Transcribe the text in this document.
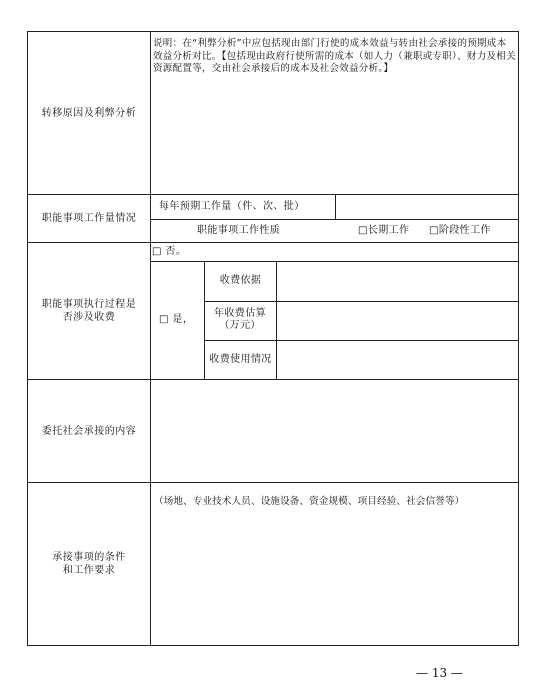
转移原因及利弊分析
说明：在“利弊分析”中应包括现由部门行使的成本效益与转由社会承接的预期成本效益分析对比。【包括现由政府行使所需的成本（如人力（兼职或专职）、财力及相关资源配置等，交由社会承接后的成本及社会效益分析。】
职能事项工作量情况
每年预期工作量（件、次、批）
职能事项工作性质	□长期工作 □阶段性工作
职能事项执行过程是否涉及收费
□ 否。
□ 是，
收费依据
年收费估算（万元）
收费使用情况
委托社会承接的内容
承接事项的条件和工作要求
（场地、专业技术人员、设施设备、资金规模、项目经验、社会信誉等）
— 13 —
